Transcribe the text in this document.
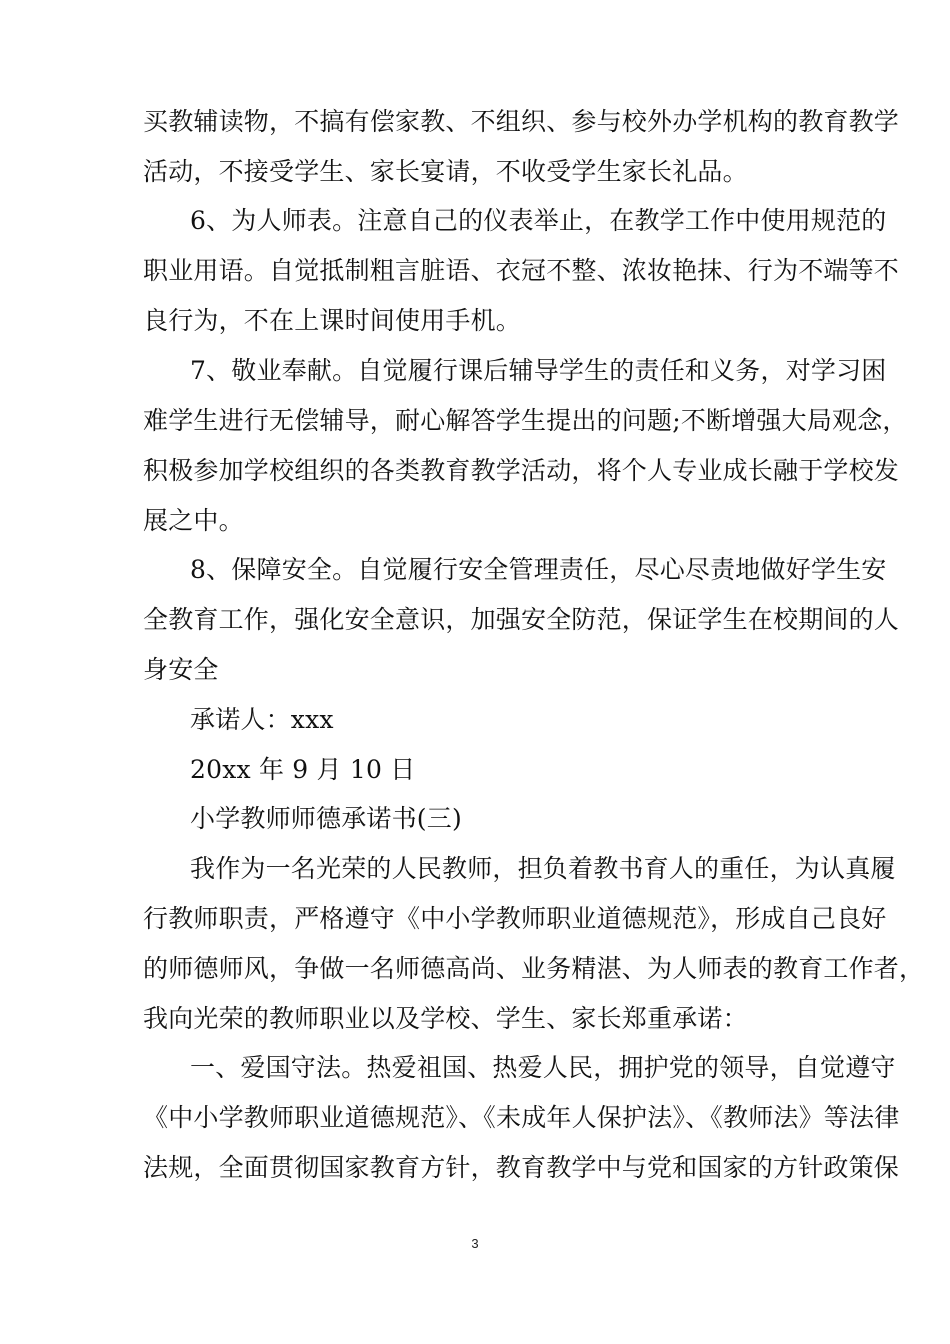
买教辅读物，不搞有偿家教、不组织、参与校外办学机构的教育教学
活动，不接受学生、家长宴请，不收受学生家长礼品。
6、为人师表。注意自己的仪表举止，在教学工作中使用规范的
职业用语。自觉抵制粗言脏语、衣冠不整、浓妆艳抹、行为不端等不
良行为，不在上课时间使用手机。
7、敬业奉献。自觉履行课后辅导学生的责任和义务，对学习困
难学生进行无偿辅导，耐心解答学生提出的问题;不断增强大局观念，
积极参加学校组织的各类教育教学活动，将个人专业成长融于学校发
展之中。
8、保障安全。自觉履行安全管理责任，尽心尽责地做好学生安
全教育工作，强化安全意识，加强安全防范，保证学生在校期间的人
身安全
承诺人：xxx
20xx 年 9 月 10 日
小学教师师德承诺书(三)
我作为一名光荣的人民教师，担负着教书育人的重任，为认真履
行教师职责，严格遵守《中小学教师职业道德规范》，形成自己良好
的师德师风，争做一名师德高尚、业务精湛、为人师表的教育工作者，
我向光荣的教师职业以及学校、学生、家长郑重承诺：
一、爱国守法。热爱祖国、热爱人民，拥护党的领导，自觉遵守
《中小学教师职业道德规范》、《未成年人保护法》、《教师法》等法律
法规，全面贯彻国家教育方针，教育教学中与党和国家的方针政策保
3
